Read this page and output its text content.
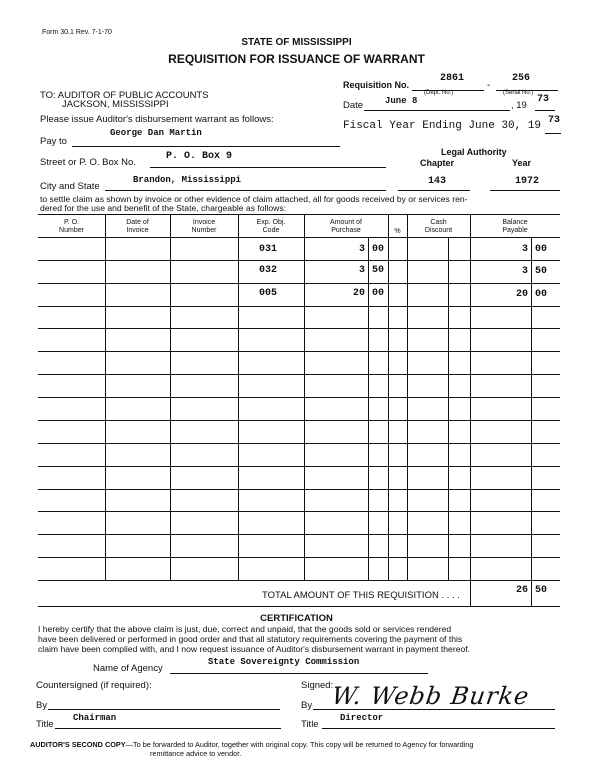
Form 30.1 Rev. 7-1-70
STATE OF MISSISSIPPI
REQUISITION FOR ISSUANCE OF WARRANT
TO: AUDITOR OF PUBLIC ACCOUNTS
JACKSON, MISSISSIPPI
Please issue Auditor's disbursement warrant as follows:
Requisition No.
2861
-
256
(Dept. No.)	(Serial No.)
Date June 8	, 19
73
Fiscal Year Ending June 30, 19 73
Pay to
George Dan Martin
Legal Authority
Chapter	Year
Street or P. O. Box No.
P. O. Box 9
City and State
Brandon, Mississippi	143	1972
to settle claim as shown by invoice or other evidence of claim attached, all for goods received by or services ren-
dered for the use and benefit of the State, chargeable as follows:
P. O.
Number
Date of
Invoice
Invoice
Number
Exp. Obj.
Code
Amount of
Purchase	%
Cash
Discount
Balance
Payable
031	3 00	3 00
032	3 50	3 50
005	20 00	20 00
TOTAL AMOUNT OF THIS REQUISITION . . . .	26 50
CERTIFICATION
I hereby certify that the above claim is just, due, correct and unpaid, that the goods sold or services rendered
have been delivered or performed in good order and that all statutory requirements covering the payment of this
claim have been complied with, and I now request issuance of Auditor's disbursement warrant in payment thereof.
Name of Agency
State Sovereignty Commission
Countersigned (if required):	Signed:
By	By W. Webb Burke
Title
Chairman
Title
Director
AUDITOR'S SECOND COPY—To be forwarded to Auditor, together with original copy. This copy will be returned to Agency for forwarding
remittance advice to vendor.
